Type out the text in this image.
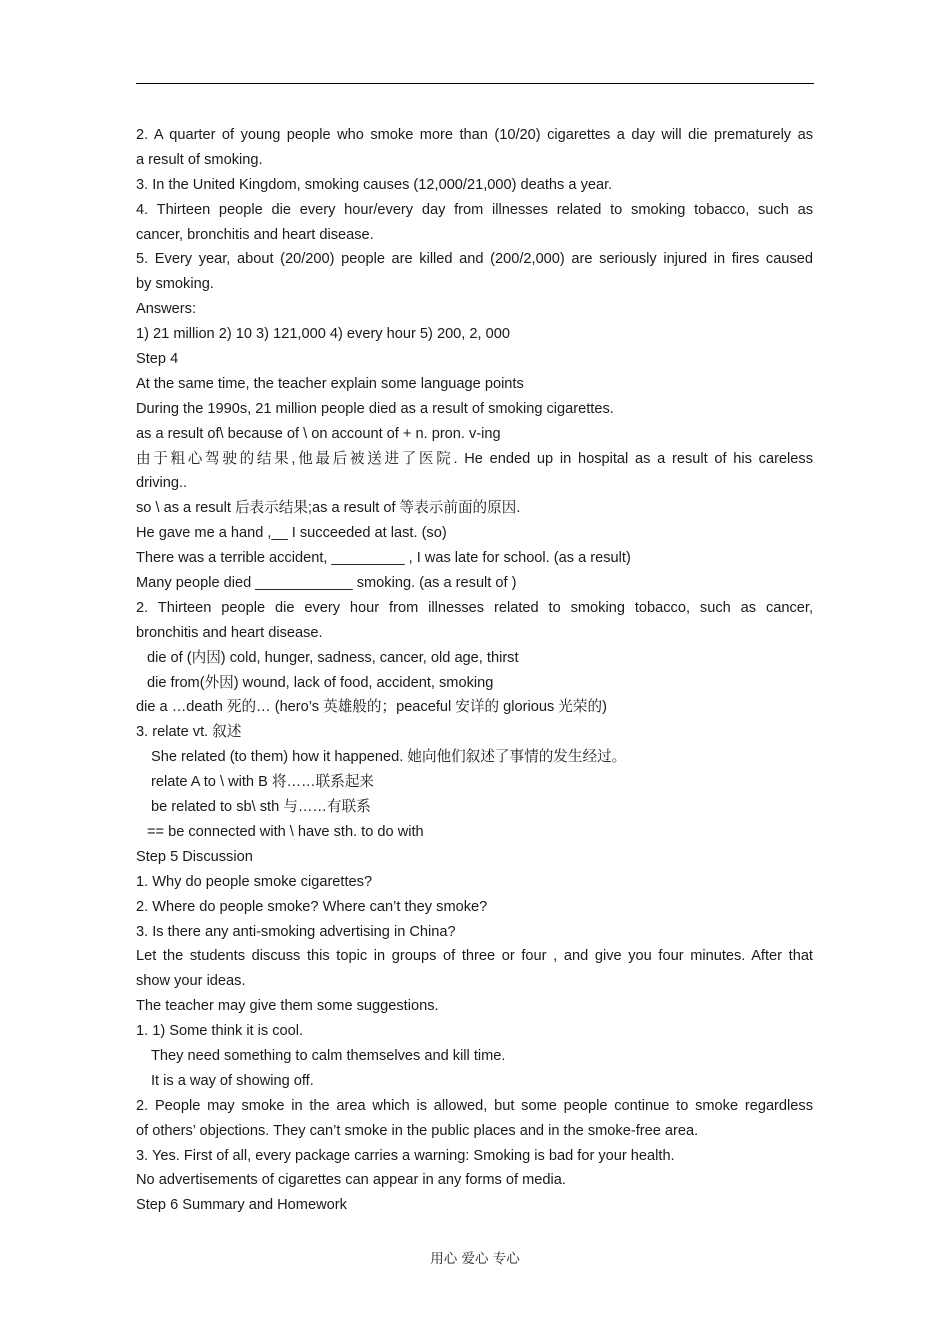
2. A quarter of young people who smoke more than (10/20) cigarettes a day will die prematurely as
a result of smoking.
3. In the United Kingdom, smoking causes (12,000/21,000) deaths a year.
4. Thirteen people die every hour/every day from illnesses related to smoking tobacco, such as
cancer, bronchitis and heart disease.
5. Every year, about (20/200) people are killed and (200/2,000) are seriously injured in fires caused
by smoking.
Answers:
1) 21 million 2) 10 3) 121,000 4) every hour 5) 200, 2, 000
Step 4
At the same time, the teacher explain some language points
During the 1990s, 21 million people died as a result of smoking cigarettes.
as a result of\ because of \ on account of + n. pron. v-ing
由于粗心驾驶的结果,他最后被送进了医院. He ended up in hospital as a result of his careless
driving..
so \ as a result 后表示结果;as a result of 等表示前面的原因.
He gave me a hand ,__ I succeeded at last. (so)
There was a terrible accident, _________ , I was late for school. (as a result)
Many people died ____________ smoking. (as a result of )
2. Thirteen people die every hour from illnesses related to smoking tobacco, such as cancer,
bronchitis and heart disease.
die of (内因) cold, hunger, sadness, cancer, old age, thirst
die from(外因) wound, lack of food, accident, smoking
die a …death 死的… (hero’s 英雄般的；peaceful 安详的 glorious 光荣的)
3. relate vt. 叙述
She related (to them) how it happened. 她向他们叙述了事情的发生经过。
relate A to \ with B 将……联系起来
be related to sb\ sth 与……有联系
== be connected with \ have sth. to do with
Step 5 Discussion
1. Why do people smoke cigarettes?
2. Where do people smoke? Where can’t they smoke?
3. Is there any anti-smoking advertising in China?
Let the students discuss this topic in groups of three or four , and give you four minutes. After that
show your ideas.
The teacher may give them some suggestions.
1. 1) Some think it is cool.
They need something to calm themselves and kill time.
It is a way of showing off.
2. People may smoke in the area which is allowed, but some people continue to smoke regardless
of others’ objections. They can’t smoke in the public places and in the smoke-free area.
3. Yes. First of all, every package carries a warning: Smoking is bad for your health.
No advertisements of cigarettes can appear in any forms of media.
Step 6 Summary and Homework
用心 爱心 专心
